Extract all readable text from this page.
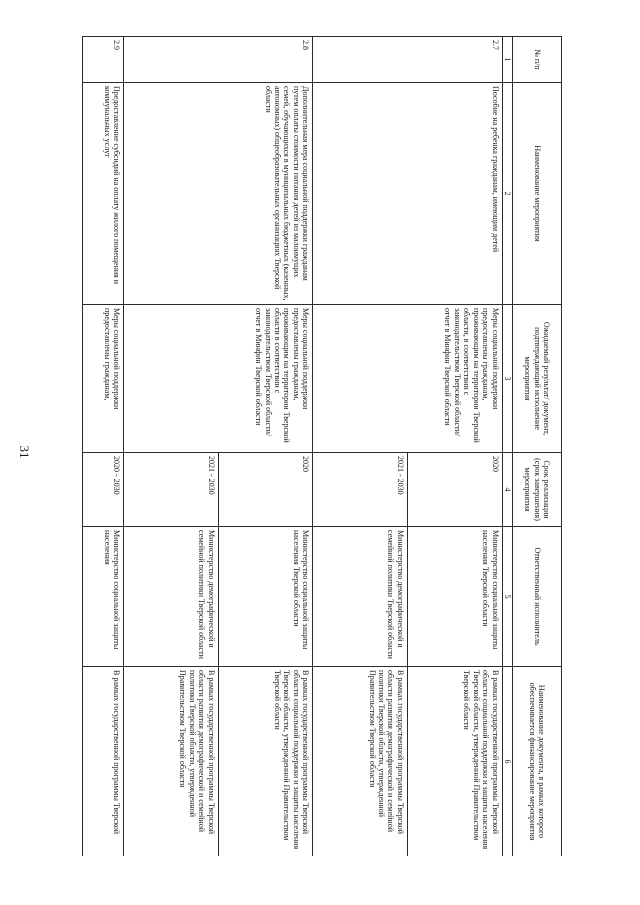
31
№ п/п	Наименование мероприятия	Ожидаемый результат/ документ, подтверждающий исполнение мероприятия	Срок реализации (срок завершения) мероприятия	Ответственный исполнитель	Наименование документа, в рамках которого обеспечивается финансирование мероприятия
1	2	3	4	5	6
2.7	Пособие на ребенка гражданам, имеющим детей	Меры социальной поддержки предоставлены гражданам, проживающим на территории Тверской области, в соответствии с законодательством Тверской области/отчет в Минфин Тверской области	2020	Министерство социальной защиты населения Тверской области	В рамках государственной программы Тверской области социальной поддержки и защиты населения Тверской области, утвержденной Правительством Тверской области
			2021 - 2030	Министерство демографической и семейной политики Тверской области	В рамках государственной программы Тверской области развития демографической и семейной политики Тверской области, утвержденной Правительством Тверской области
2.8	Дополнительная мера социальной поддержки гражданам путем оплаты стоимости питания детей из малоимущих семей, обучающихся в муниципальных бюджетных (казенных, автономных) общеобразовательных организациях Тверской области	Меры социальной поддержки предоставлены гражданам, проживающим на территории Тверской области в соответствии с законодательством Тверской области/отчет в Минфин Тверской области	2020	Министерство социальной защиты населения Тверской области	В рамках государственной программы Тверской области социальной поддержки и защиты населения Тверской области, утвержденной Правительством Тверской области
			2021 - 2030	Министерство демографической и семейной политики Тверской области	В рамках государственной программы Тверской области развития демографической и семейной политики Тверской области, утвержденной Правительством Тверской области
2.9	Предоставление субсидий на оплату жилого помещения и коммунальных услуг	Меры социальной поддержки предоставлены гражданам,	2020 - 2030	Министерство социальной защиты населения	В рамках государственной программы Тверской
